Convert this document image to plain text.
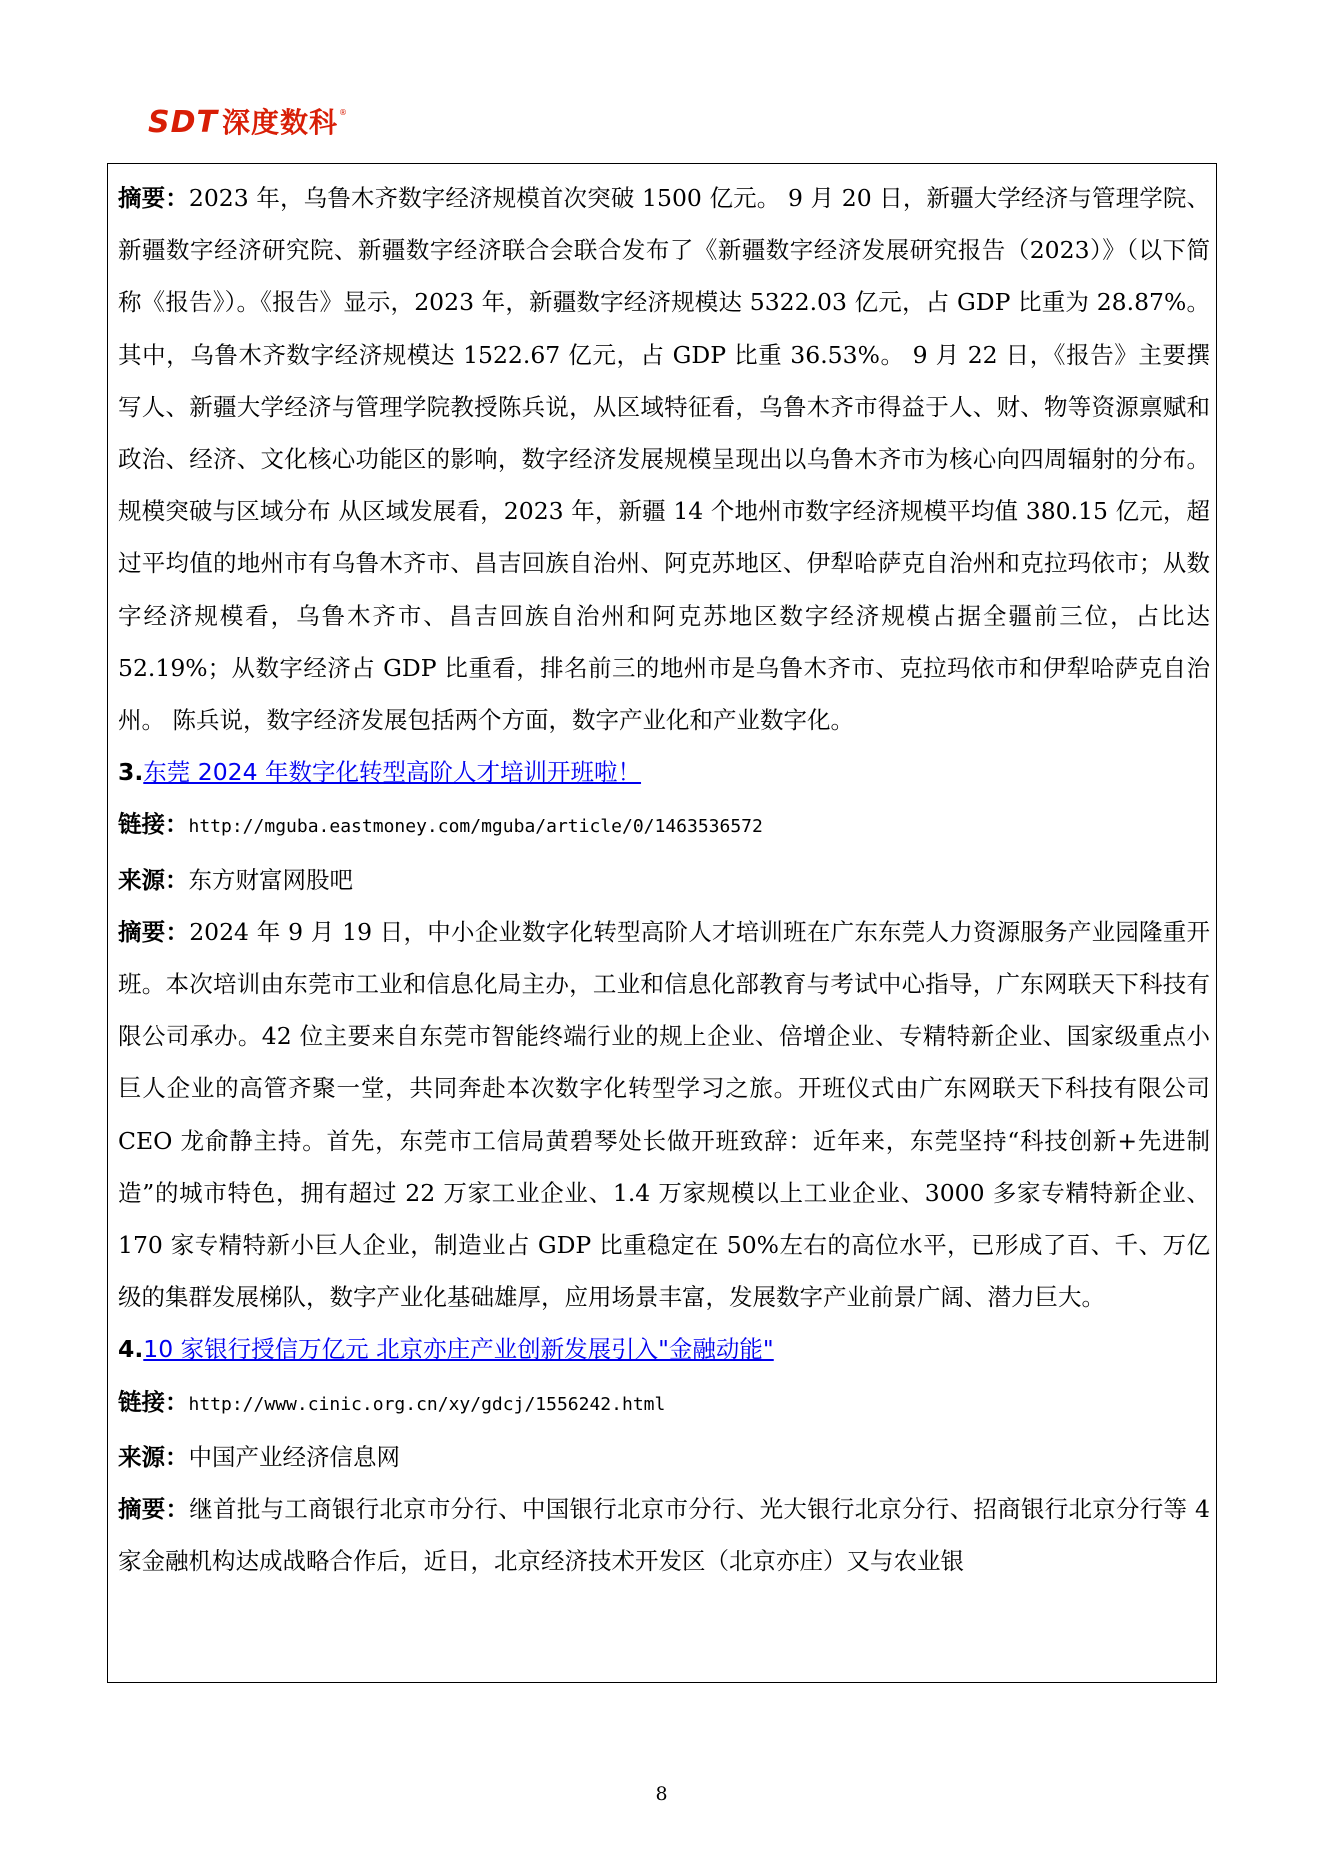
SDT 深度数科 ®

摘要：2023 年，乌鲁木齐数字经济规模首次突破 1500 亿元。 9 月 20 日，新疆大学经济与管理学院、新疆数字经济研究院、新疆数字经济联合会联合发布了《新疆数字经济发展研究报告（2023）》（以下简称《报告》）。《报告》显示，2023 年，新疆数字经济规模达 5322.03 亿元，占 GDP 比重为 28.87%。其中，乌鲁木齐数字经济规模达 1522.67 亿元，占 GDP 比重 36.53%。 9 月 22 日，《报告》主要撰写人、新疆大学经济与管理学院教授陈兵说，从区域特征看，乌鲁木齐市得益于人、财、物等资源禀赋和政治、经济、文化核心功能区的影响，数字经济发展规模呈现出以乌鲁木齐市为核心向四周辐射的分布。 规模突破与区域分布 从区域发展看，2023 年，新疆 14 个地州市数字经济规模平均值 380.15 亿元，超过平均值的地州市有乌鲁木齐市、昌吉回族自治州、阿克苏地区、伊犁哈萨克自治州和克拉玛依市；从数字经济规模看，乌鲁木齐市、昌吉回族自治州和阿克苏地区数字经济规模占据全疆前三位，占比达 52.19%；从数字经济占 GDP 比重看，排名前三的地州市是乌鲁木齐市、克拉玛依市和伊犁哈萨克自治州。 陈兵说，数字经济发展包括两个方面，数字产业化和产业数字化。

3.东莞 2024 年数字化转型高阶人才培训开班啦！

链接：http://mguba.eastmoney.com/mguba/article/0/1463536572

来源：东方财富网股吧

摘要：2024 年 9 月 19 日，中小企业数字化转型高阶人才培训班在广东东莞人力资源服务产业园隆重开班。本次培训由东莞市工业和信息化局主办，工业和信息化部教育与考试中心指导，广东网联天下科技有限公司承办。42 位主要来自东莞市智能终端行业的规上企业、倍增企业、专精特新企业、国家级重点小巨人企业的高管齐聚一堂，共同奔赴本次数字化转型学习之旅。开班仪式由广东网联天下科技有限公司 CEO 龙俞静主持。首先，东莞市工信局黄碧琴处长做开班致辞：近年来，东莞坚持“科技创新+先进制造”的城市特色，拥有超过 22 万家工业企业、1.4 万家规模以上工业企业、3000 多家专精特新企业、170 家专精特新小巨人企业，制造业占 GDP 比重稳定在 50%左右的高位水平，已形成了百、千、万亿级的集群发展梯队，数字产业化基础雄厚，应用场景丰富，发展数字产业前景广阔、潜力巨大。

4.10 家银行授信万亿元 北京亦庄产业创新发展引入"金融动能"

链接：http://www.cinic.org.cn/xy/gdcj/1556242.html

来源：中国产业经济信息网

摘要：继首批与工商银行北京市分行、中国银行北京市分行、光大银行北京分行、招商银行北京分行等 4 家金融机构达成战略合作后，近日，北京经济技术开发区（北京亦庄）又与农业银

8
